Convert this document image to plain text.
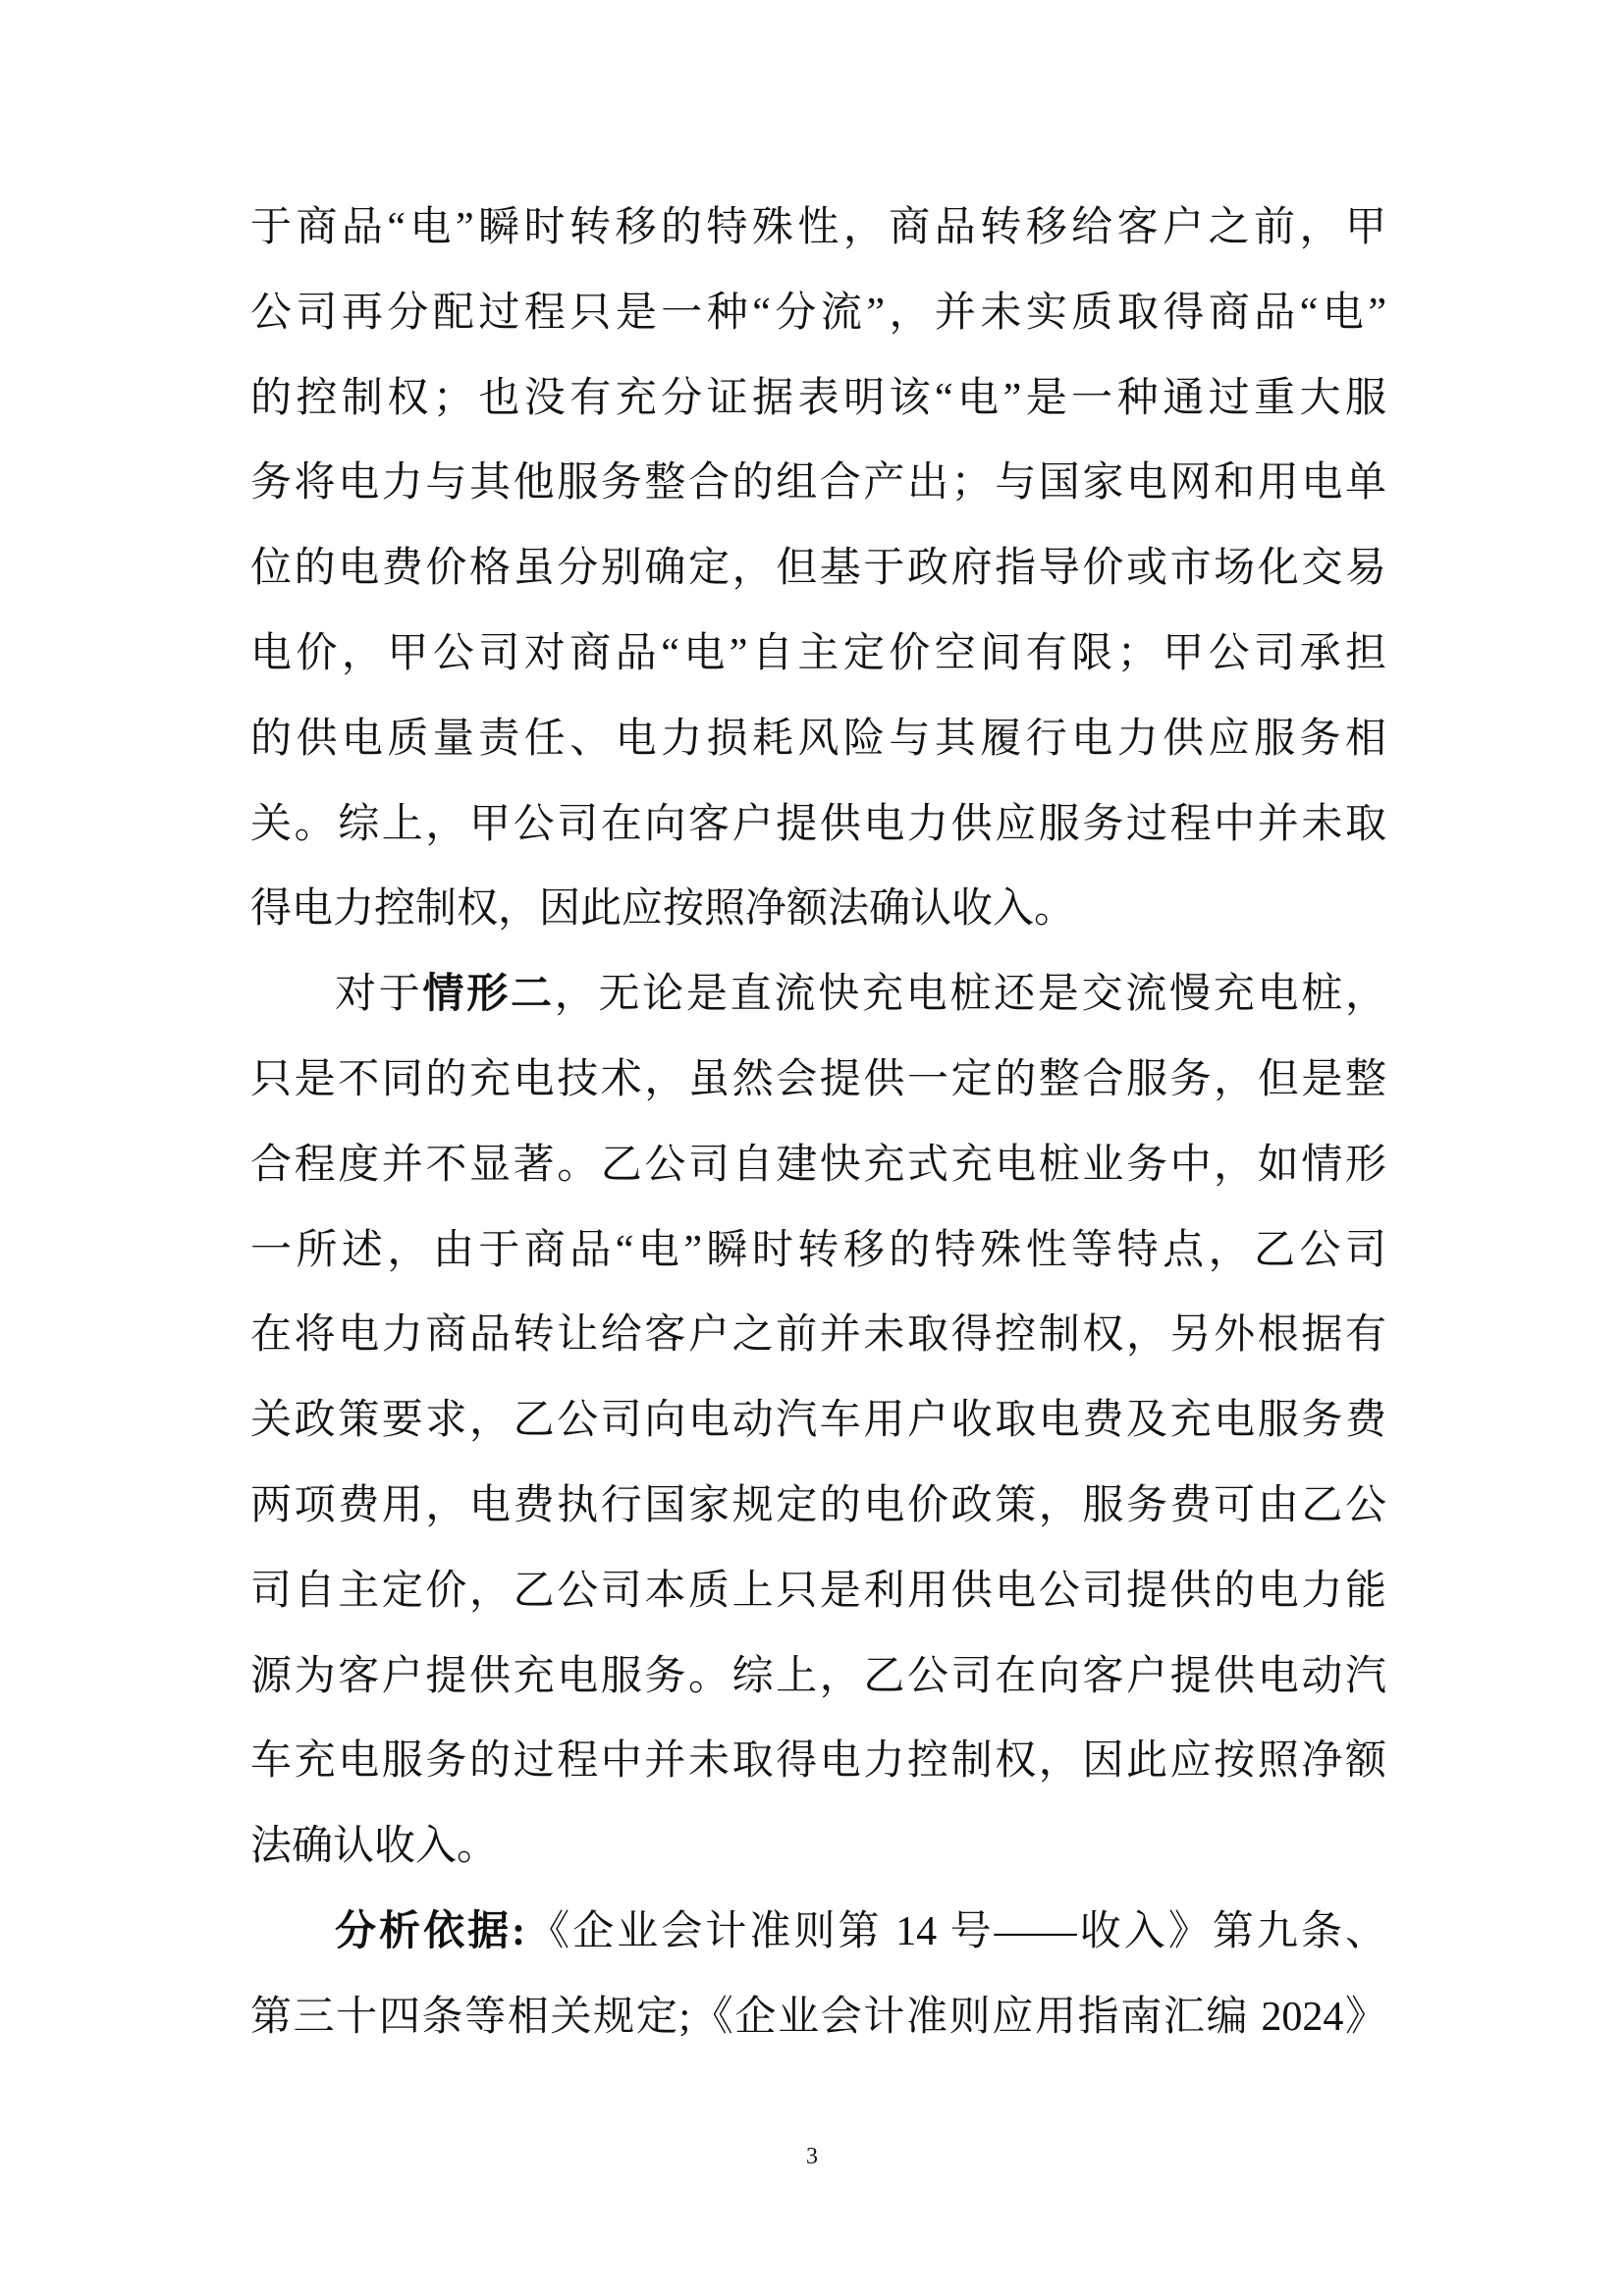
于商品“电”瞬时转移的特殊性，商品转移给客户之前，甲
公司再分配过程只是一种“分流”，并未实质取得商品“电”
的控制权；也没有充分证据表明该“电”是一种通过重大服
务将电力与其他服务整合的组合产出；与国家电网和用电单
位的电费价格虽分别确定，但基于政府指导价或市场化交易
电价，甲公司对商品“电”自主定价空间有限；甲公司承担
的供电质量责任、电力损耗风险与其履行电力供应服务相
关。综上，甲公司在向客户提供电力供应服务过程中并未取
得电力控制权，因此应按照净额法确认收入。
对于情形二，无论是直流快充电桩还是交流慢充电桩，
只是不同的充电技术，虽然会提供一定的整合服务，但是整
合程度并不显著。乙公司自建快充式充电桩业务中，如情形
一所述，由于商品“电”瞬时转移的特殊性等特点，乙公司
在将电力商品转让给客户之前并未取得控制权，另外根据有
关政策要求，乙公司向电动汽车用户收取电费及充电服务费
两项费用，电费执行国家规定的电价政策，服务费可由乙公
司自主定价，乙公司本质上只是利用供电公司提供的电力能
源为客户提供充电服务。综上，乙公司在向客户提供电动汽
车充电服务的过程中并未取得电力控制权，因此应按照净额
法确认收入。
分析依据:《企业会计准则第 14 号——收入》第九条、
第三十四条等相关规定;《企业会计准则应用指南汇编 2024》
3
